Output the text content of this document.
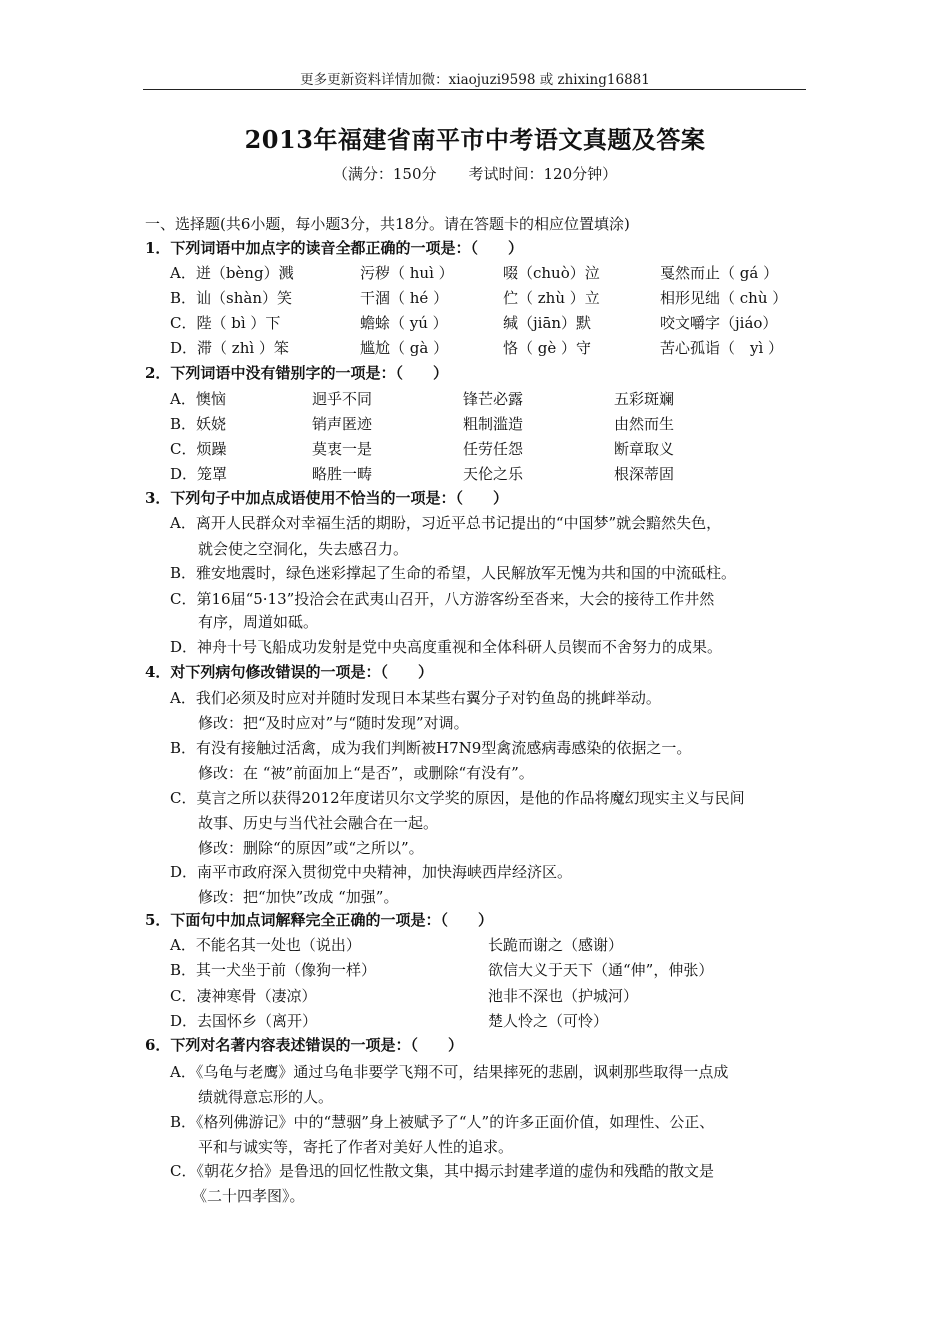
更多更新资料详情加微：xiaojuzi9598 或 zhixing16881
2013年福建省南平市中考语文真题及答案
（满分：150分 考试时间：120分钟）
一、选择题(共6小题，每小题3分，共18分。请在答题卡的相应位置填涂)
1．下列词语中加点字的读音全都正确的一项是：（　　）
A．迸（bèng）溅	污秽（ huì ）	啜（chuò）泣	戛然而止（ gá ）
B．讪（shàn）笑	干涸（ hé ）	伫（ zhù ）立	相形见绌（ chù ）
C．陛（ bì ）下	蟾蜍（ yú ）	缄（jiān）默	咬文嚼字（jiáo）
D．滞（ zhì ）笨	尴尬（ gà ）	恪（ gè ）守	苦心孤诣（　yì ）
2．下列词语中没有错别字的一项是：（　　）
A．懊恼	迥乎不同	锋芒必露	五彩斑斓
B．妖娆	销声匿迹	粗制滥造	由然而生
C．烦躁	莫衷一是	任劳任怨	断章取义
D．笼罩	略胜一畴	天伦之乐	根深蒂固
3．下列句子中加点成语使用不恰当的一项是：（　　）
A．离开人民群众对幸福生活的期盼，习近平总书记提出的“中国梦”就会黯然失色，
就会使之空洞化，失去感召力。
B．雅安地震时，绿色迷彩撑起了生命的希望，人民解放军无愧为共和国的中流砥柱。
C．第16届“5·13”投洽会在武夷山召开，八方游客纷至沓来，大会的接待工作井然
有序，周道如砥。
D．神舟十号飞船成功发射是党中央高度重视和全体科研人员锲而不舍努力的成果。
4．对下列病句修改错误的一项是：（　　）
A．我们必须及时应对并随时发现日本某些右翼分子对钓鱼岛的挑衅举动。
修改：把“及时应对”与“随时发现”对调。
B．有没有接触过活禽，成为我们判断被H7N9型禽流感病毒感染的依据之一。
修改：在 “被”前面加上“是否”，或删除“有没有”。
C．莫言之所以获得2012年度诺贝尔文学奖的原因，是他的作品将魔幻现实主义与民间
故事、历史与当代社会融合在一起。
修改：删除“的原因”或“之所以”。
D．南平市政府深入贯彻党中央精神，加快海峡西岸经济区。
修改：把“加快”改成 “加强”。
5．下面句中加点词解释完全正确的一项是：（　　）
A．不能名其一处也（说出）	长跪而谢之（感谢）
B．其一犬坐于前（像狗一样）	欲信大义于天下（通“伸”，伸张）
C．凄神寒骨（凄凉）	池非不深也（护城河）
D．去国怀乡（离开）	楚人怜之（可怜）
6．下列对名著内容表述错误的一项是：（　　）
A．《乌龟与老鹰》通过乌龟非要学飞翔不可，结果摔死的悲剧，讽刺那些取得一点成
绩就得意忘形的人。
B．《格列佛游记》中的“慧骃”身上被赋予了“人”的许多正面价值，如理性、公正、
平和与诚实等，寄托了作者对美好人性的追求。
C．《朝花夕拾》是鲁迅的回忆性散文集，其中揭示封建孝道的虚伪和残酷的散文是
《二十四孝图》。
